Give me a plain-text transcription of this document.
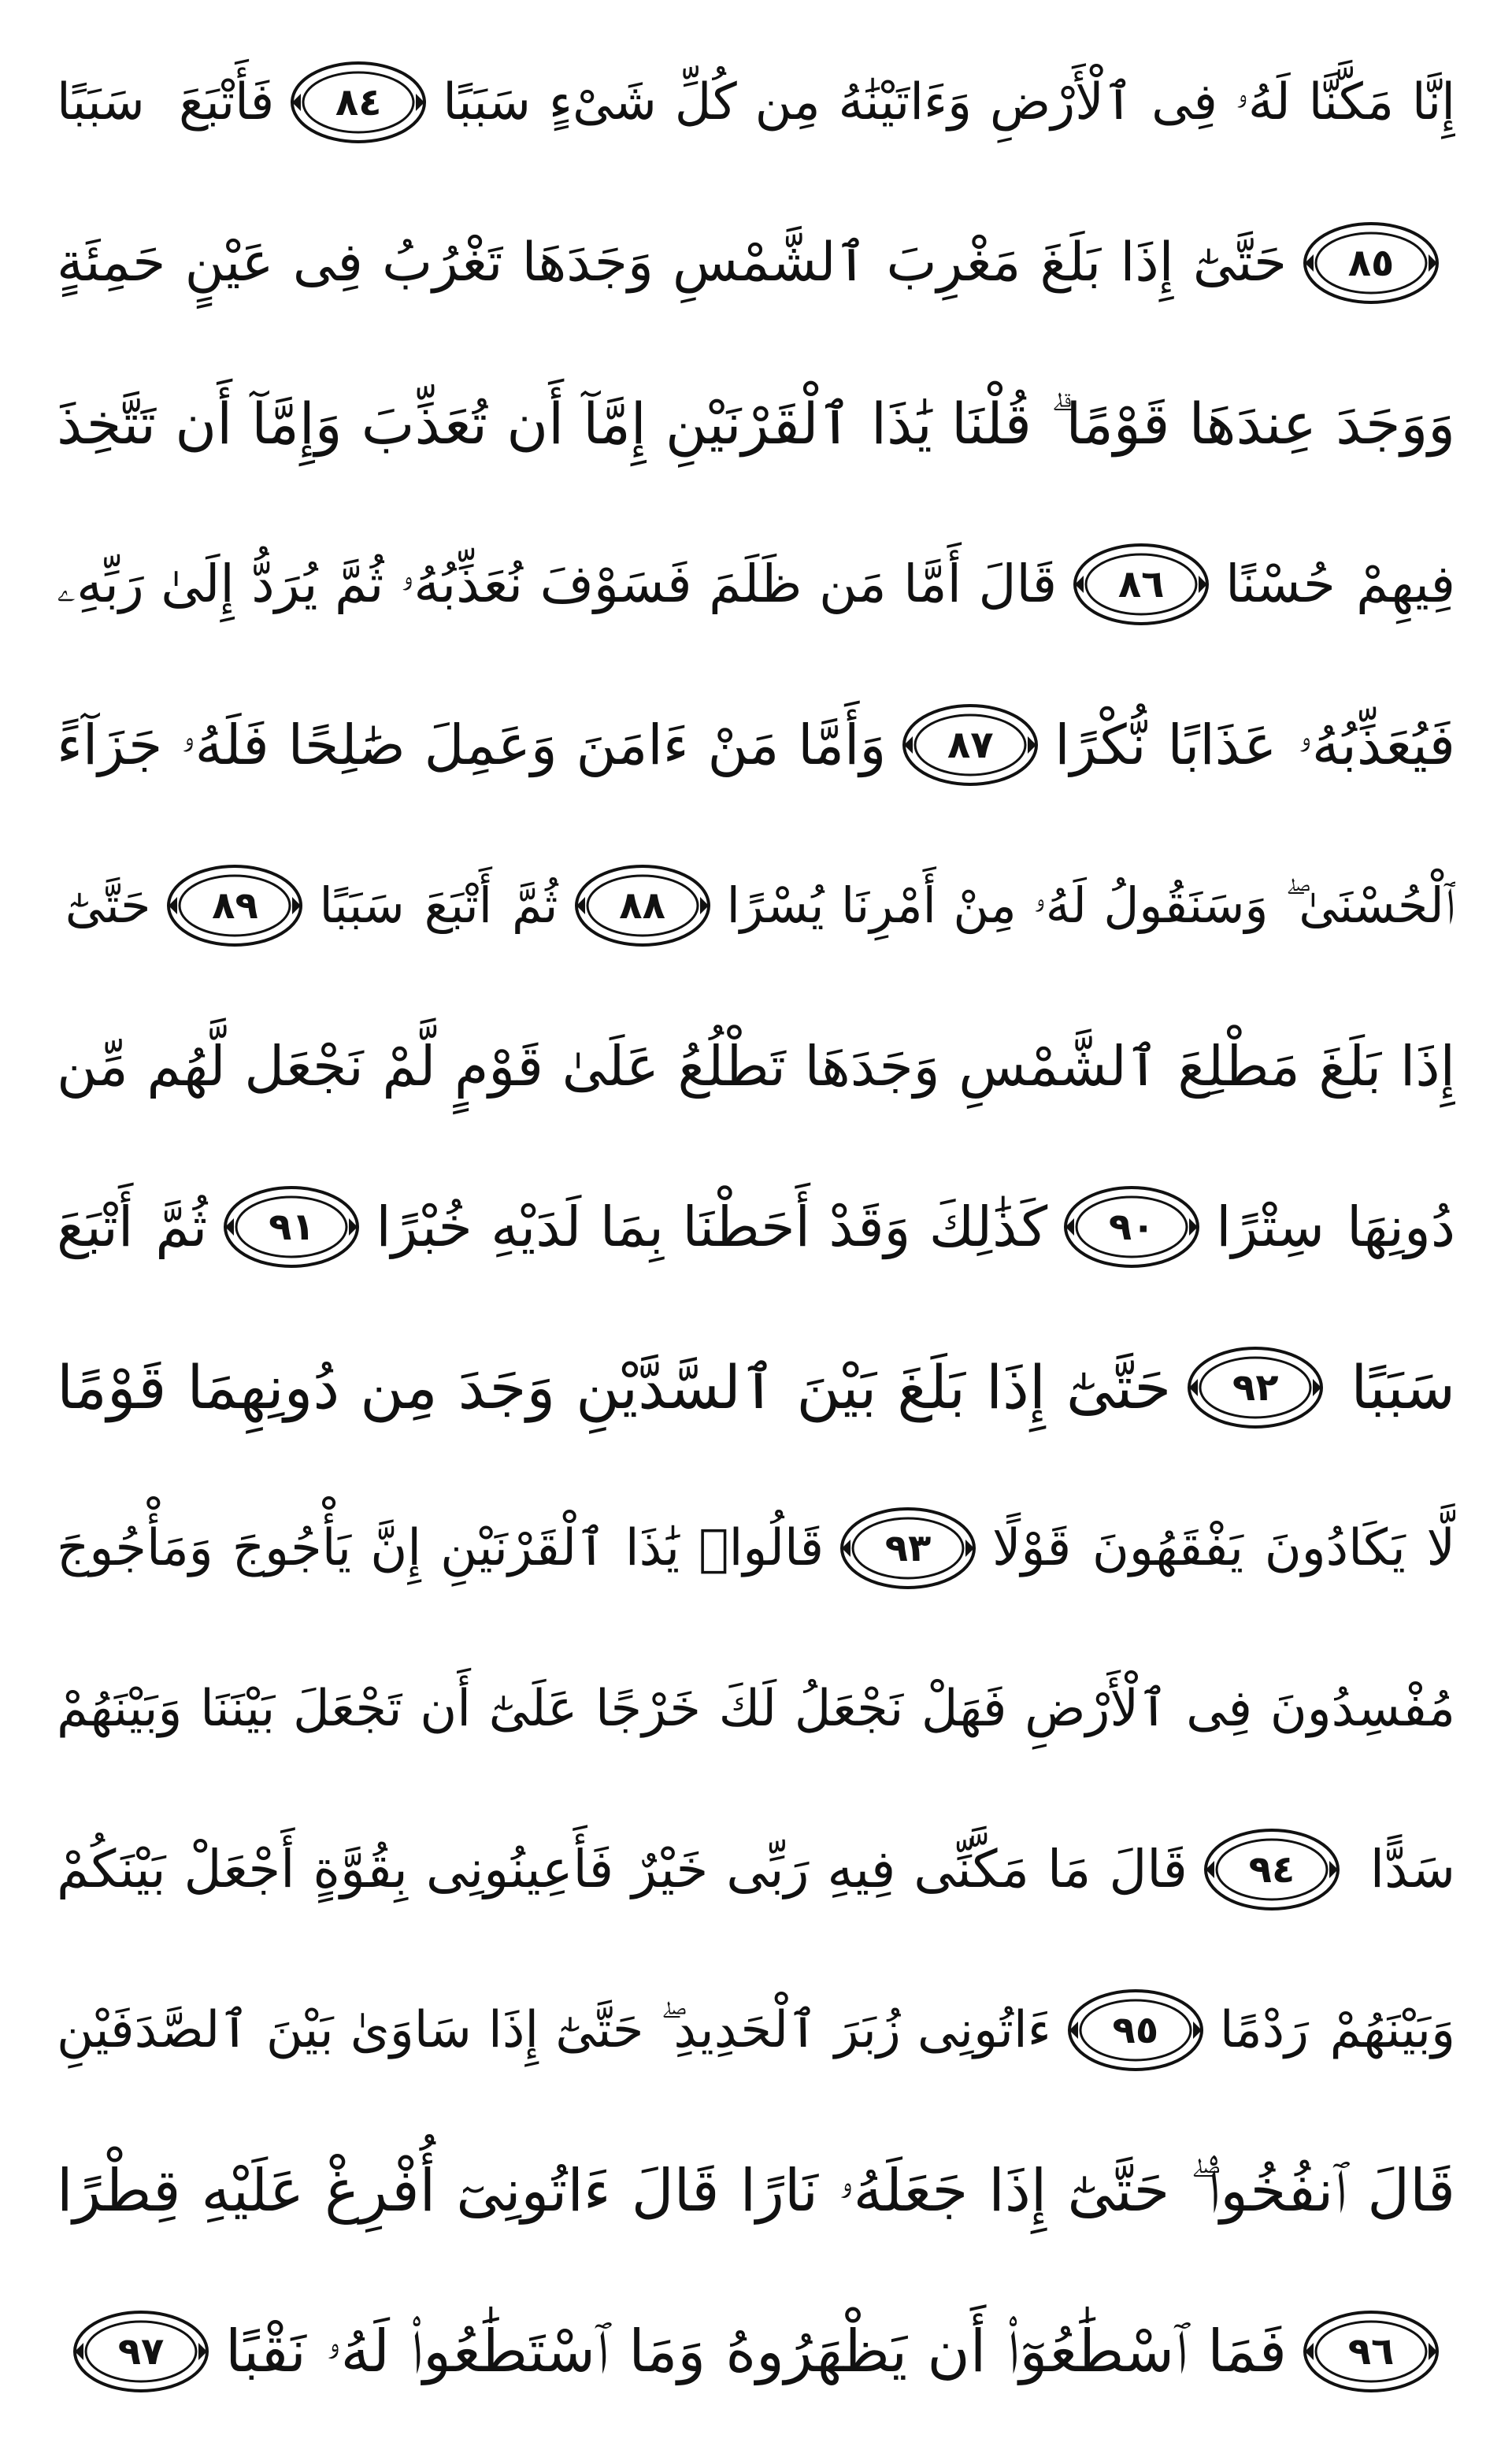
إِنَّا مَكَّنَّا لَهُۥ فِى ٱلْأَرْضِ وَءَاتَيْنَٰهُ مِن كُلِّ شَىْءٍ سَبَبًا
٨٤
فَأَتْبَعَ سَبَبًا
٨٥
حَتَّىٰٓ إِذَا بَلَغَ مَغْرِبَ ٱلشَّمْسِ وَجَدَهَا تَغْرُبُ فِى عَيْنٍ حَمِئَةٍ
وَوَجَدَ عِندَهَا قَوْمًا ۗ قُلْنَا يَٰذَا ٱلْقَرْنَيْنِ إِمَّآ أَن تُعَذِّبَ وَإِمَّآ أَن تَتَّخِذَ
فِيهِمْ حُسْنًا
٨٦
قَالَ أَمَّا مَن ظَلَمَ فَسَوْفَ نُعَذِّبُهُۥ ثُمَّ يُرَدُّ إِلَىٰ رَبِّهِۦ
فَيُعَذِّبُهُۥ عَذَابًا نُّكْرًا
٨٧
وَأَمَّا مَنْ ءَامَنَ وَعَمِلَ صَٰلِحًا فَلَهُۥ جَزَآءً
ٱلْحُسْنَىٰ ۖ وَسَنَقُولُ لَهُۥ مِنْ أَمْرِنَا يُسْرًا
٨٨
ثُمَّ أَتْبَعَ سَبَبًا
٨٩
حَتَّىٰٓ
إِذَا بَلَغَ مَطْلِعَ ٱلشَّمْسِ وَجَدَهَا تَطْلُعُ عَلَىٰ قَوْمٍ لَّمْ نَجْعَل لَّهُم مِّن
دُونِهَا سِتْرًا
٩٠
كَذَٰلِكَ وَقَدْ أَحَطْنَا بِمَا لَدَيْهِ خُبْرًا
٩١
ثُمَّ أَتْبَعَ
سَبَبًا
٩٢
حَتَّىٰٓ إِذَا بَلَغَ بَيْنَ ٱلسَّدَّيْنِ وَجَدَ مِن دُونِهِمَا قَوْمًا
لَّا يَكَادُونَ يَفْقَهُونَ قَوْلًا
٩٣
قَالُوا۟ يَٰذَا ٱلْقَرْنَيْنِ إِنَّ يَأْجُوجَ وَمَأْجُوجَ
مُفْسِدُونَ فِى ٱلْأَرْضِ فَهَلْ نَجْعَلُ لَكَ خَرْجًا عَلَىٰٓ أَن تَجْعَلَ بَيْنَنَا وَبَيْنَهُمْ
سَدًّا
٩٤
قَالَ مَا مَكَّنِّى فِيهِ رَبِّى خَيْرٌ فَأَعِينُونِى بِقُوَّةٍ أَجْعَلْ بَيْنَكُمْ
وَبَيْنَهُمْ رَدْمًا
٩٥
ءَاتُونِى زُبَرَ ٱلْحَدِيدِ ۖ حَتَّىٰٓ إِذَا سَاوَىٰ بَيْنَ ٱلصَّدَفَيْنِ
قَالَ ٱنفُخُوا۟ ۖ حَتَّىٰٓ إِذَا جَعَلَهُۥ نَارًا قَالَ ءَاتُونِىٓ أُفْرِغْ عَلَيْهِ قِطْرًا
٩٦
فَمَا ٱسْطَٰعُوٓا۟ أَن يَظْهَرُوهُ وَمَا ٱسْتَطَٰعُوا۟ لَهُۥ نَقْبًا
٩٧
